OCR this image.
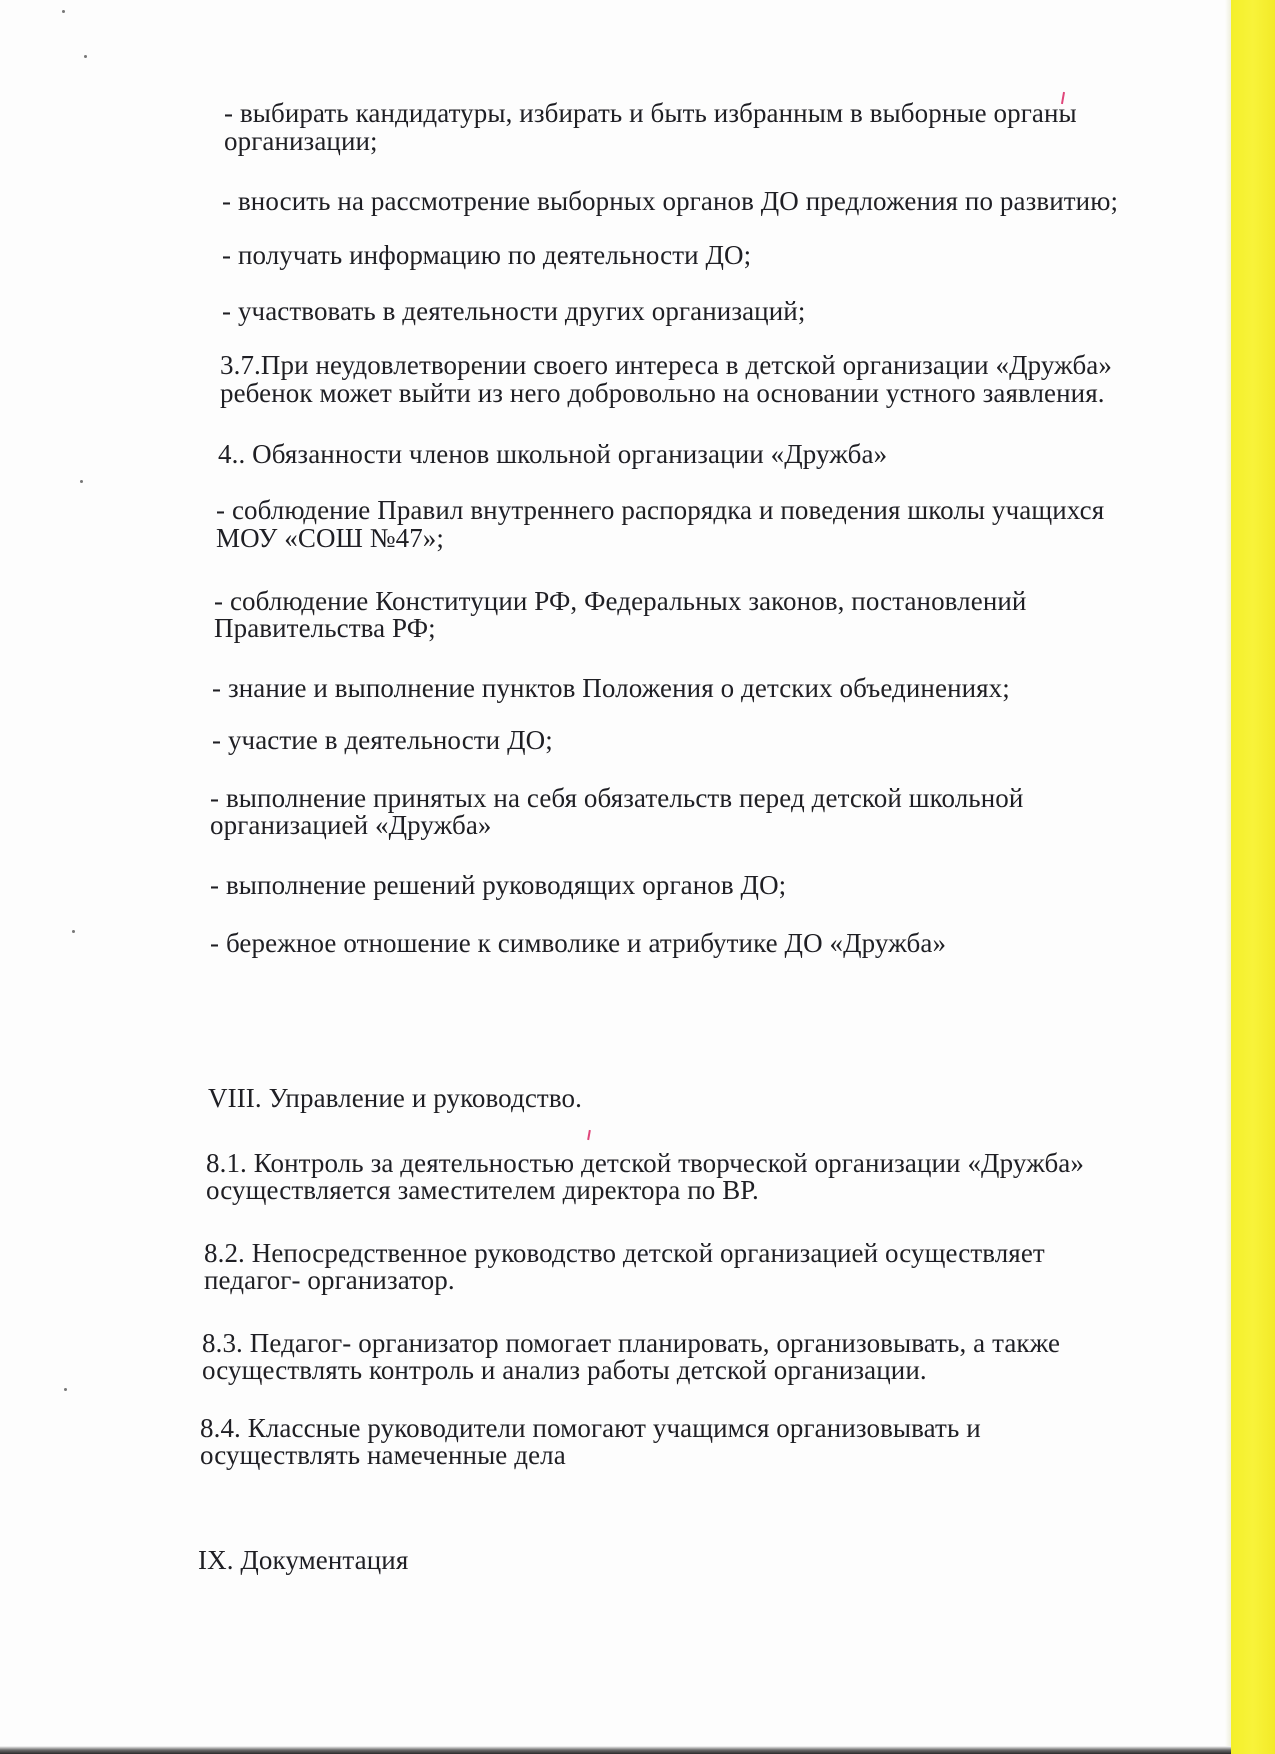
- выбирать кандидатуры, избирать и быть избранным в выборные органы
организации;
- вносить на рассмотрение выборных органов ДО предложения по развитию;
- получать информацию по деятельности ДО;
- участвовать в деятельности других организаций;
3.7.При неудовлетворении своего интереса в детской организации «Дружба»
ребенок может выйти из него добровольно на основании устного заявления.
4.. Обязанности членов школьной организации «Дружба»
- соблюдение Правил внутреннего распорядка и поведения школы учащихся
МОУ «СОШ №47»;
- соблюдение Конституции РФ, Федеральных законов, постановлений
Правительства РФ;
- знание и выполнение пунктов Положения о детских объединениях;
- участие в деятельности ДО;
- выполнение принятых на себя обязательств перед детской школьной
организацией «Дружба»
- выполнение решений руководящих органов ДО;
- бережное отношение к символике и атрибутике ДО «Дружба»
VIII. Управление и руководство.
8.1. Контроль за деятельностью детской творческой организации «Дружба»
осуществляется заместителем директора по ВР.
8.2. Непосредственное руководство детской организацией осуществляет
педагог- организатор.
8.3. Педагог- организатор помогает планировать, организовывать, а также
осуществлять контроль и анализ работы детской организации.
8.4. Классные руководители помогают учащимся организовывать и
осуществлять намеченные дела
IX. Документация
